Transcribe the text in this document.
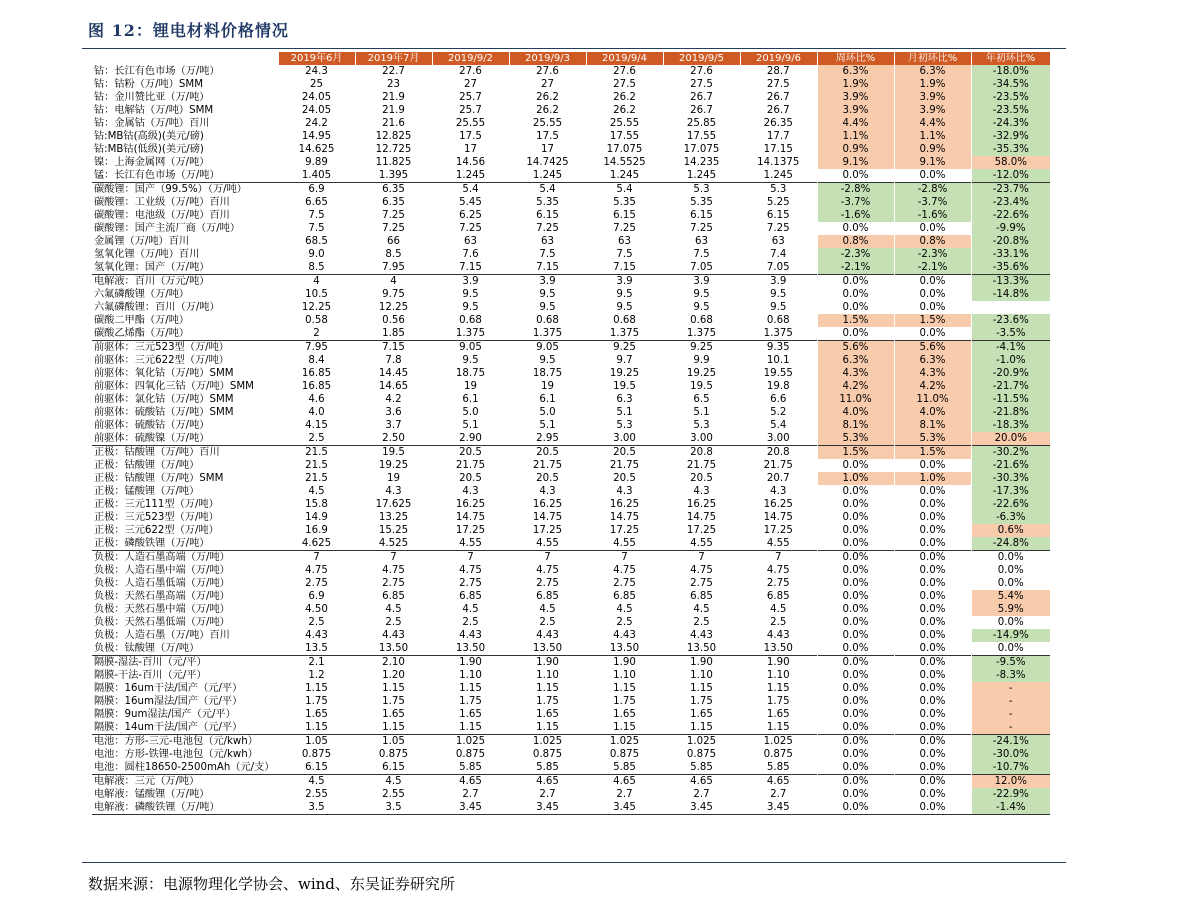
图 12：锂电材料价格情况
	2019年6月	2019年7月	2019/9/2	2019/9/3	2019/9/4	2019/9/5	2019/9/6	周环比%	月初环比%	年初环比%
钴：长江有色市场（万/吨）	24.3	22.7	27.6	27.6	27.6	27.6	28.7	6.3%	6.3%	-18.0%
钴：钴粉（万/吨）SMM	25	23	27	27	27.5	27.5	27.5	1.9%	1.9%	-34.5%
钴：金川赞比亚（万/吨）	24.05	21.9	25.7	26.2	26.2	26.7	26.7	3.9%	3.9%	-23.5%
钴：电解钴（万/吨）SMM	24.05	21.9	25.7	26.2	26.2	26.7	26.7	3.9%	3.9%	-23.5%
钴：金属钴（万/吨）百川	24.2	21.6	25.55	25.55	25.55	25.85	26.35	4.4%	4.4%	-24.3%
钴:MB钴(高级)(美元/磅)	14.95	12.825	17.5	17.5	17.55	17.55	17.7	1.1%	1.1%	-32.9%
钴:MB钴(低级)(美元/磅)	14.625	12.725	17	17	17.075	17.075	17.15	0.9%	0.9%	-35.3%
镍：上海金属网（万/吨）	9.89	11.825	14.56	14.7425	14.5525	14.235	14.1375	9.1%	9.1%	58.0%
锰：长江有色市场（万/吨）	1.405	1.395	1.245	1.245	1.245	1.245	1.245	0.0%	0.0%	-12.0%
碳酸锂：国产（99.5%）（万/吨）	6.9	6.35	5.4	5.4	5.4	5.3	5.3	-2.8%	-2.8%	-23.7%
碳酸锂：工业级（万/吨）百川	6.65	6.35	5.45	5.35	5.35	5.35	5.25	-3.7%	-3.7%	-23.4%
碳酸锂：电池级（万/吨）百川	7.5	7.25	6.25	6.15	6.15	6.15	6.15	-1.6%	-1.6%	-22.6%
碳酸锂：国产主流厂商（万/吨）	7.5	7.25	7.25	7.25	7.25	7.25	7.25	0.0%	0.0%	-9.9%
金属锂（万/吨）百川	68.5	66	63	63	63	63	63	0.8%	0.8%	-20.8%
氢氧化锂（万/吨）百川	9.0	8.5	7.6	7.5	7.5	7.5	7.4	-2.3%	-2.3%	-33.1%
氢氧化锂：国产（万/吨）	8.5	7.95	7.15	7.15	7.15	7.05	7.05	-2.1%	-2.1%	-35.6%
电解液：百川（万元/吨）	4	4	3.9	3.9	3.9	3.9	3.9	0.0%	0.0%	-13.3%
六氟磷酸锂（万/吨）	10.5	9.75	9.5	9.5	9.5	9.5	9.5	0.0%	0.0%	-14.8%
六氟磷酸锂：百川（万/吨）	12.25	12.25	9.5	9.5	9.5	9.5	9.5	0.0%	0.0%	
碳酸二甲酯（万/吨）	0.58	0.56	0.68	0.68	0.68	0.68	0.68	1.5%	1.5%	-23.6%
碳酸乙烯酯（万/吨）	2	1.85	1.375	1.375	1.375	1.375	1.375	0.0%	0.0%	-3.5%
前驱体：三元523型（万/吨）	7.95	7.15	9.05	9.05	9.25	9.25	9.35	5.6%	5.6%	-4.1%
前驱体：三元622型（万/吨）	8.4	7.8	9.5	9.5	9.7	9.9	10.1	6.3%	6.3%	-1.0%
前驱体：氧化钴（万/吨）SMM	16.85	14.45	18.75	18.75	19.25	19.25	19.55	4.3%	4.3%	-20.9%
前驱体：四氧化三钴（万/吨）SMM	16.85	14.65	19	19	19.5	19.5	19.8	4.2%	4.2%	-21.7%
前驱体：氯化钴（万/吨）SMM	4.6	4.2	6.1	6.1	6.3	6.5	6.6	11.0%	11.0%	-11.5%
前驱体：硫酸钴（万/吨）SMM	4.0	3.6	5.0	5.0	5.1	5.1	5.2	4.0%	4.0%	-21.8%
前驱体：硫酸钴（万/吨）	4.15	3.7	5.1	5.1	5.3	5.3	5.4	8.1%	8.1%	-18.3%
前驱体：硫酸镍（万/吨）	2.5	2.50	2.90	2.95	3.00	3.00	3.00	5.3%	5.3%	20.0%
正极：钴酸锂（万/吨）百川	21.5	19.5	20.5	20.5	20.5	20.8	20.8	1.5%	1.5%	-30.2%
正极：钴酸锂（万/吨）	21.5	19.25	21.75	21.75	21.75	21.75	21.75	0.0%	0.0%	-21.6%
正极：钴酸锂（万/吨）SMM	21.5	19	20.5	20.5	20.5	20.5	20.7	1.0%	1.0%	-30.3%
正极：锰酸锂（万/吨）	4.5	4.3	4.3	4.3	4.3	4.3	4.3	0.0%	0.0%	-17.3%
正极：三元111型（万/吨）	15.8	17.625	16.25	16.25	16.25	16.25	16.25	0.0%	0.0%	-22.6%
正极：三元523型（万/吨）	14.9	13.25	14.75	14.75	14.75	14.75	14.75	0.0%	0.0%	-6.3%
正极：三元622型（万/吨）	16.9	15.25	17.25	17.25	17.25	17.25	17.25	0.0%	0.0%	0.6%
正极：磷酸铁锂（万/吨）	4.625	4.525	4.55	4.55	4.55	4.55	4.55	0.0%	0.0%	-24.8%
负极：人造石墨高端（万/吨）	7	7	7	7	7	7	7	0.0%	0.0%	0.0%
负极：人造石墨中端（万/吨）	4.75	4.75	4.75	4.75	4.75	4.75	4.75	0.0%	0.0%	0.0%
负极：人造石墨低端（万/吨）	2.75	2.75	2.75	2.75	2.75	2.75	2.75	0.0%	0.0%	0.0%
负极：天然石墨高端（万/吨）	6.9	6.85	6.85	6.85	6.85	6.85	6.85	0.0%	0.0%	5.4%
负极：天然石墨中端（万/吨）	4.50	4.5	4.5	4.5	4.5	4.5	4.5	0.0%	0.0%	5.9%
负极：天然石墨低端（万/吨）	2.5	2.5	2.5	2.5	2.5	2.5	2.5	0.0%	0.0%	0.0%
负极：人造石墨（万/吨）百川	4.43	4.43	4.43	4.43	4.43	4.43	4.43	0.0%	0.0%	-14.9%
负极：钛酸锂（万/吨）	13.5	13.50	13.50	13.50	13.50	13.50	13.50	0.0%	0.0%	0.0%
隔膜-湿法-百川（元/平）	2.1	2.10	1.90	1.90	1.90	1.90	1.90	0.0%	0.0%	-9.5%
隔膜-干法-百川（元/平）	1.2	1.20	1.10	1.10	1.10	1.10	1.10	0.0%	0.0%	-8.3%
隔膜：16um干法/国产（元/平）	1.15	1.15	1.15	1.15	1.15	1.15	1.15	0.0%	0.0%	-
隔膜：16um湿法/国产（元/平）	1.75	1.75	1.75	1.75	1.75	1.75	1.75	0.0%	0.0%	-
隔膜：9um湿法/国产（元/平）	1.65	1.65	1.65	1.65	1.65	1.65	1.65	0.0%	0.0%	-
隔膜：14um干法/国产（元/平）	1.15	1.15	1.15	1.15	1.15	1.15	1.15	0.0%	0.0%	-
电池：方形-三元-电池包（元/kwh）	1.05	1.05	1.025	1.025	1.025	1.025	1.025	0.0%	0.0%	-24.1%
电池：方形-铁锂-电池包（元/kwh）	0.875	0.875	0.875	0.875	0.875	0.875	0.875	0.0%	0.0%	-30.0%
电池：圆柱18650-2500mAh（元/支）	6.15	6.15	5.85	5.85	5.85	5.85	5.85	0.0%	0.0%	-10.7%
电解液：三元（万/吨）	4.5	4.5	4.65	4.65	4.65	4.65	4.65	0.0%	0.0%	12.0%
电解液：锰酸锂（万/吨）	2.55	2.55	2.7	2.7	2.7	2.7	2.7	0.0%	0.0%	-22.9%
电解液：磷酸铁锂（万/吨）	3.5	3.5	3.45	3.45	3.45	3.45	3.45	0.0%	0.0%	-1.4%
数据来源：电源物理化学协会、wind、东吴证券研究所
